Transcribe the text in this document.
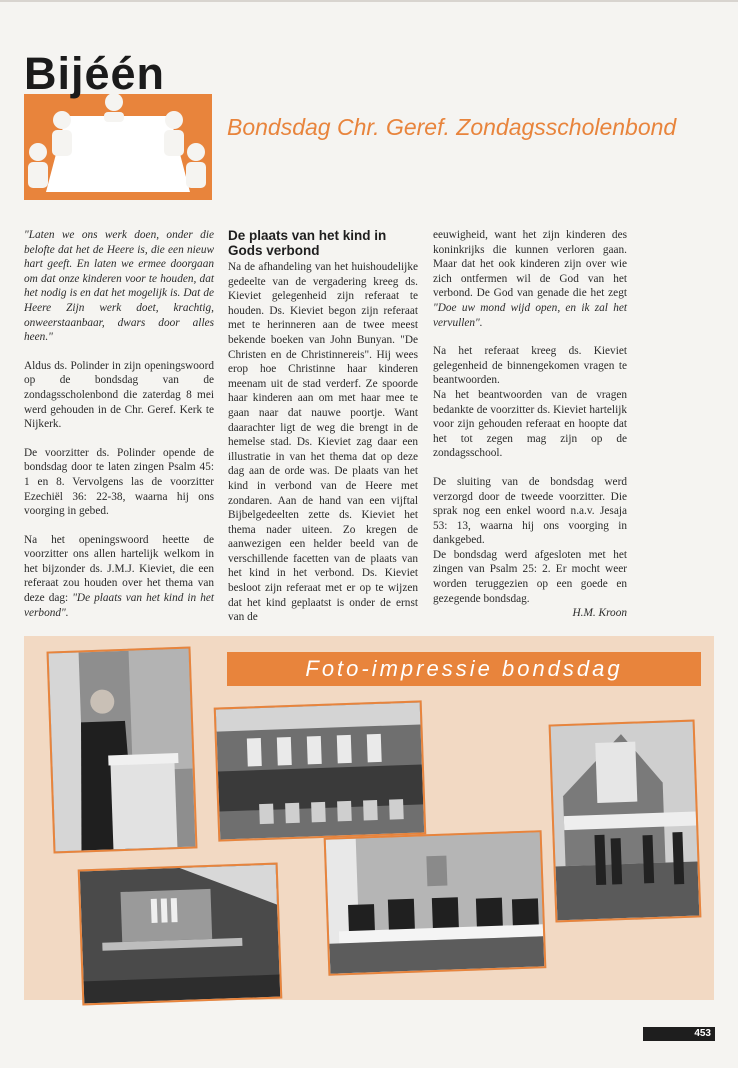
Bijéén
Bondsdag Chr. Geref. Zondagsscholenbond

"Laten we ons werk doen, onder die belofte dat het de Heere is, die een nieuw hart geeft. En laten we ermee doorgaan om dat onze kinderen voor te houden, dat het nodig is en dat het mogelijk is. Dat de Heere Zijn werk doet, krachtig, onweerstaanbaar, dwars door alles heen."

Aldus ds. Polinder in zijn openingswoord op de bondsdag van de zondagsscholenbond die zaterdag 8 mei werd gehouden in de Chr. Geref. Kerk te Nijkerk.

De voorzitter ds. Polinder opende de bondsdag door te laten zingen Psalm 45: 1 en 8. Vervolgens las de voorzitter Ezechiël 36: 22-38, waarna hij ons voorging in gebed.

Na het openingswoord heette de voorzitter ons allen hartelijk welkom in het bijzonder ds. J.M.J. Kieviet, die een referaat zou houden over het thema van deze dag: "De plaats van het kind in het verbond".

De plaats van het kind in Gods verbond

Na de afhandeling van het huishoudelijke gedeelte van de vergadering kreeg ds. Kieviet gelegenheid zijn referaat te houden. Ds. Kieviet begon zijn referaat met te herinneren aan de twee meest bekende boeken van John Bunyan. "De Christen en de Christinnereis". Hij wees erop hoe Christinne haar kinderen meenam uit de stad verderf. Ze spoorde haar kinderen aan om met haar mee te gaan naar dat nauwe poortje. Want daarachter ligt de weg die brengt in de hemelse stad. Ds. Kieviet zag daar een illustratie in van het thema dat op deze dag aan de orde was. De plaats van het kind in verbond van de Heere met zondaren. Aan de hand van een vijftal Bijbelgedeelten zette ds. Kieviet het thema nader uiteen. Zo kregen de aanwezigen een helder beeld van de verschillende facetten van de plaats van het kind in het verbond. Ds. Kieviet besloot zijn referaat met er op te wijzen dat het kind geplaatst is onder de ernst van de

eeuwigheid, want het zijn kinderen des koninkrijks die kunnen verloren gaan. Maar dat het ook kinderen zijn over wie zich ontfermen wil de God van het verbond. De God van genade die het zegt "Doe uw mond wijd open, en ik zal het vervullen".

Na het referaat kreeg ds. Kieviet gelegenheid de binnengekomen vragen te beantwoorden.

Na het beantwoorden van de vragen bedankte de voorzitter ds. Kieviet hartelijk voor zijn gehouden referaat en hoopte dat het tot zegen mag zijn op de zondagsschool.

De sluiting van de bondsdag werd verzorgd door de tweede voorzitter. Die sprak nog een enkel woord n.a.v. Jesaja 53: 13, waarna hij ons voorging in dankgebed.

De bondsdag werd afgesloten met het zingen van Psalm 25: 2. Er mocht weer worden teruggezien op een goede en gezegende bondsdag.

H.M. Kroon
Foto-impressie bondsdag
453
